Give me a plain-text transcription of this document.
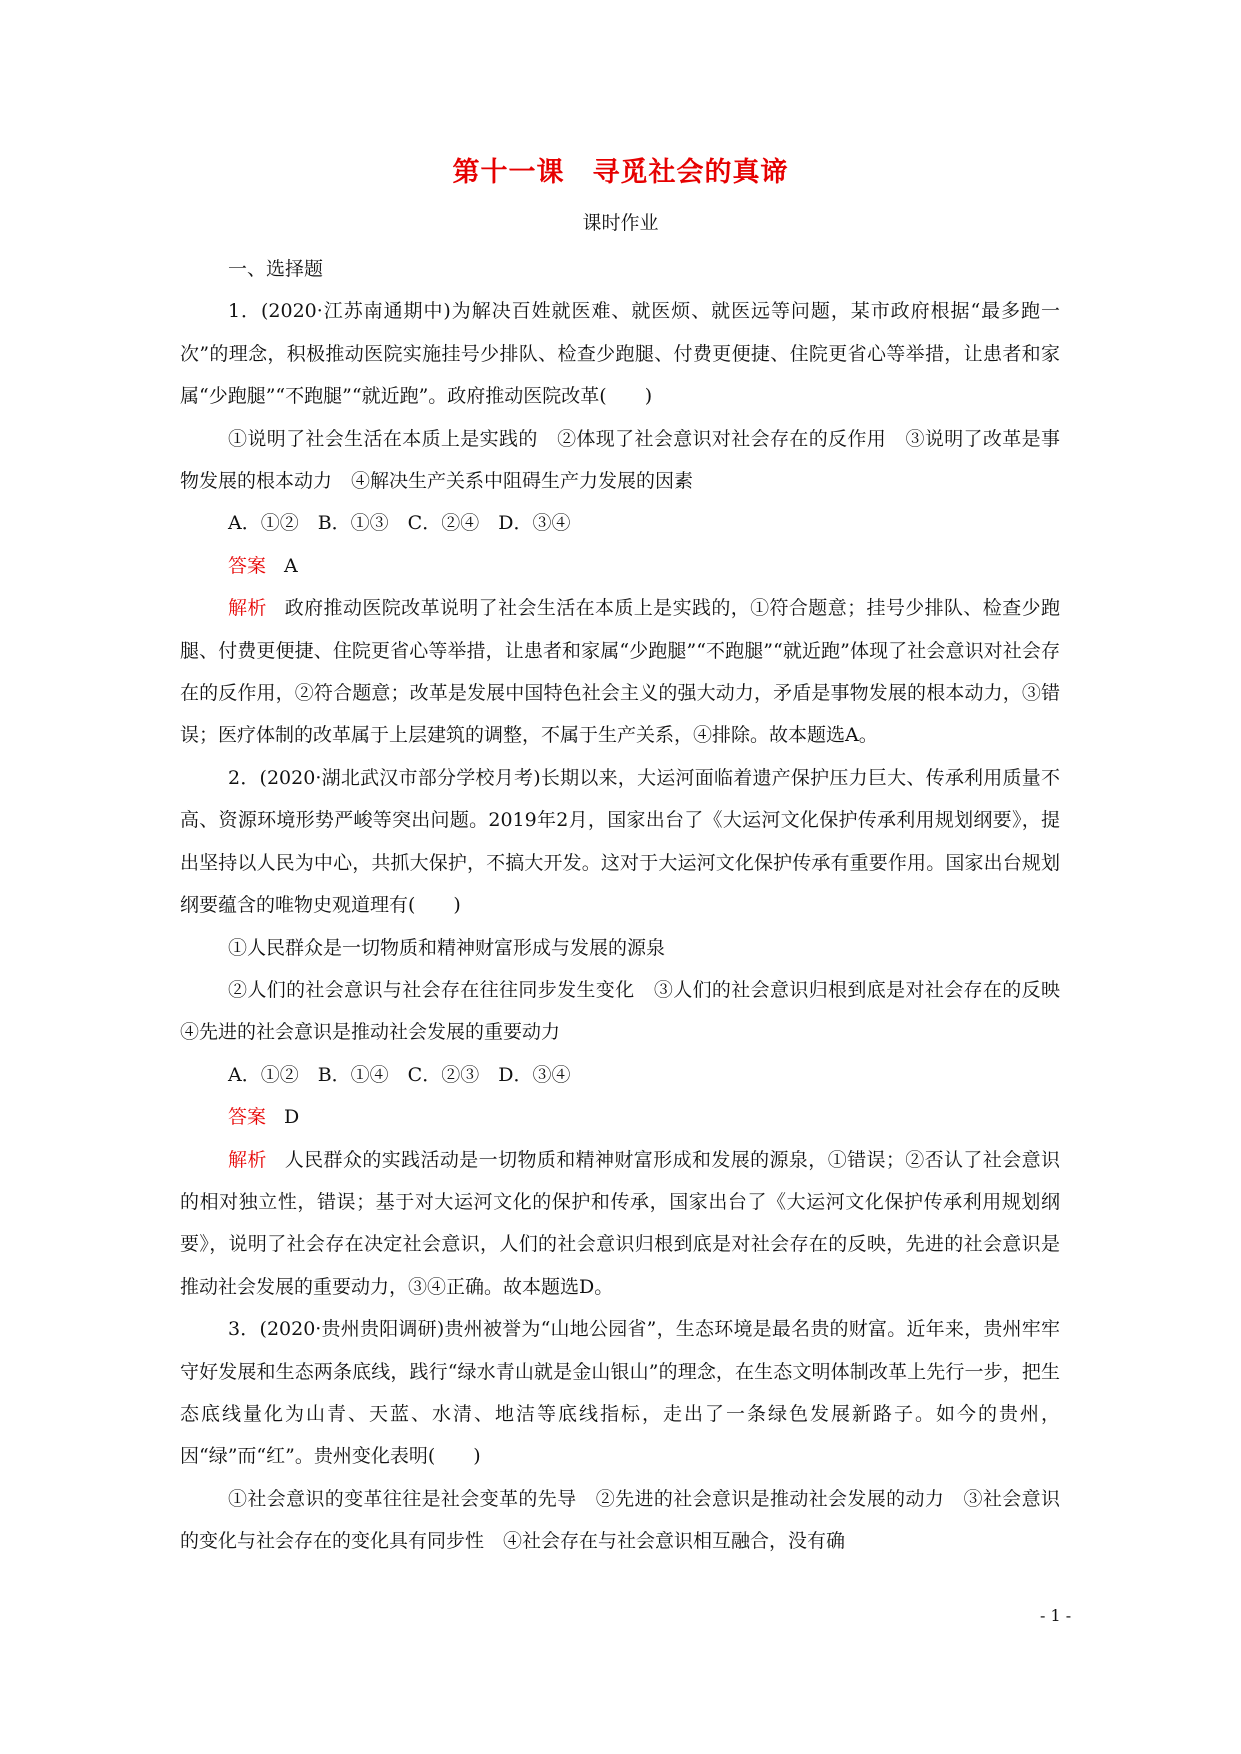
第十一课　寻觅社会的真谛
课时作业
一、选择题
1．(2020·江苏南通期中)为解决百姓就医难、就医烦、就医远等问题，某市政府根据“最多跑一次”的理念，积极推动医院实施挂号少排队、检查少跑腿、付费更便捷、住院更省心等举措，让患者和家属“少跑腿”“不跑腿”“就近跑”。政府推动医院改革(　　)
①说明了社会生活在本质上是实践的　②体现了社会意识对社会存在的反作用　③说明了改革是事物发展的根本动力　④解决生产关系中阻碍生产力发展的因素
A．①②　B．①③　C．②④　D．③④
答案 A
解析 政府推动医院改革说明了社会生活在本质上是实践的，①符合题意；挂号少排队、检查少跑腿、付费更便捷、住院更省心等举措，让患者和家属“少跑腿”“不跑腿”“就近跑”体现了社会意识对社会存在的反作用，②符合题意；改革是发展中国特色社会主义的强大动力，矛盾是事物发展的根本动力，③错误；医疗体制的改革属于上层建筑的调整，不属于生产关系，④排除。故本题选A。
2．(2020·湖北武汉市部分学校月考)长期以来，大运河面临着遗产保护压力巨大、传承利用质量不高、资源环境形势严峻等突出问题。2019年2月，国家出台了《大运河文化保护传承利用规划纲要》，提出坚持以人民为中心，共抓大保护，不搞大开发。这对于大运河文化保护传承有重要作用。国家出台规划纲要蕴含的唯物史观道理有(　　)
①人民群众是一切物质和精神财富形成与发展的源泉
②人们的社会意识与社会存在往往同步发生变化　③人们的社会意识归根到底是对社会存在的反映　④先进的社会意识是推动社会发展的重要动力
A．①②　B．①④　C．②③　D．③④
答案 D
解析 人民群众的实践活动是一切物质和精神财富形成和发展的源泉，①错误；②否认了社会意识的相对独立性，错误；基于对大运河文化的保护和传承，国家出台了《大运河文化保护传承利用规划纲要》，说明了社会存在决定社会意识，人们的社会意识归根到底是对社会存在的反映，先进的社会意识是推动社会发展的重要动力，③④正确。故本题选D。
3．(2020·贵州贵阳调研)贵州被誉为“山地公园省”，生态环境是最名贵的财富。近年来，贵州牢牢守好发展和生态两条底线，践行“绿水青山就是金山银山”的理念，在生态文明体制改革上先行一步，把生态底线量化为山青、天蓝、水清、地洁等底线指标，走出了一条绿色发展新路子。如今的贵州，因“绿”而“红”。贵州变化表明(　　)
①社会意识的变革往往是社会变革的先导　②先进的社会意识是推动社会发展的动力　③社会意识的变化与社会存在的变化具有同步性　④社会存在与社会意识相互融合，没有确
- 1 -
